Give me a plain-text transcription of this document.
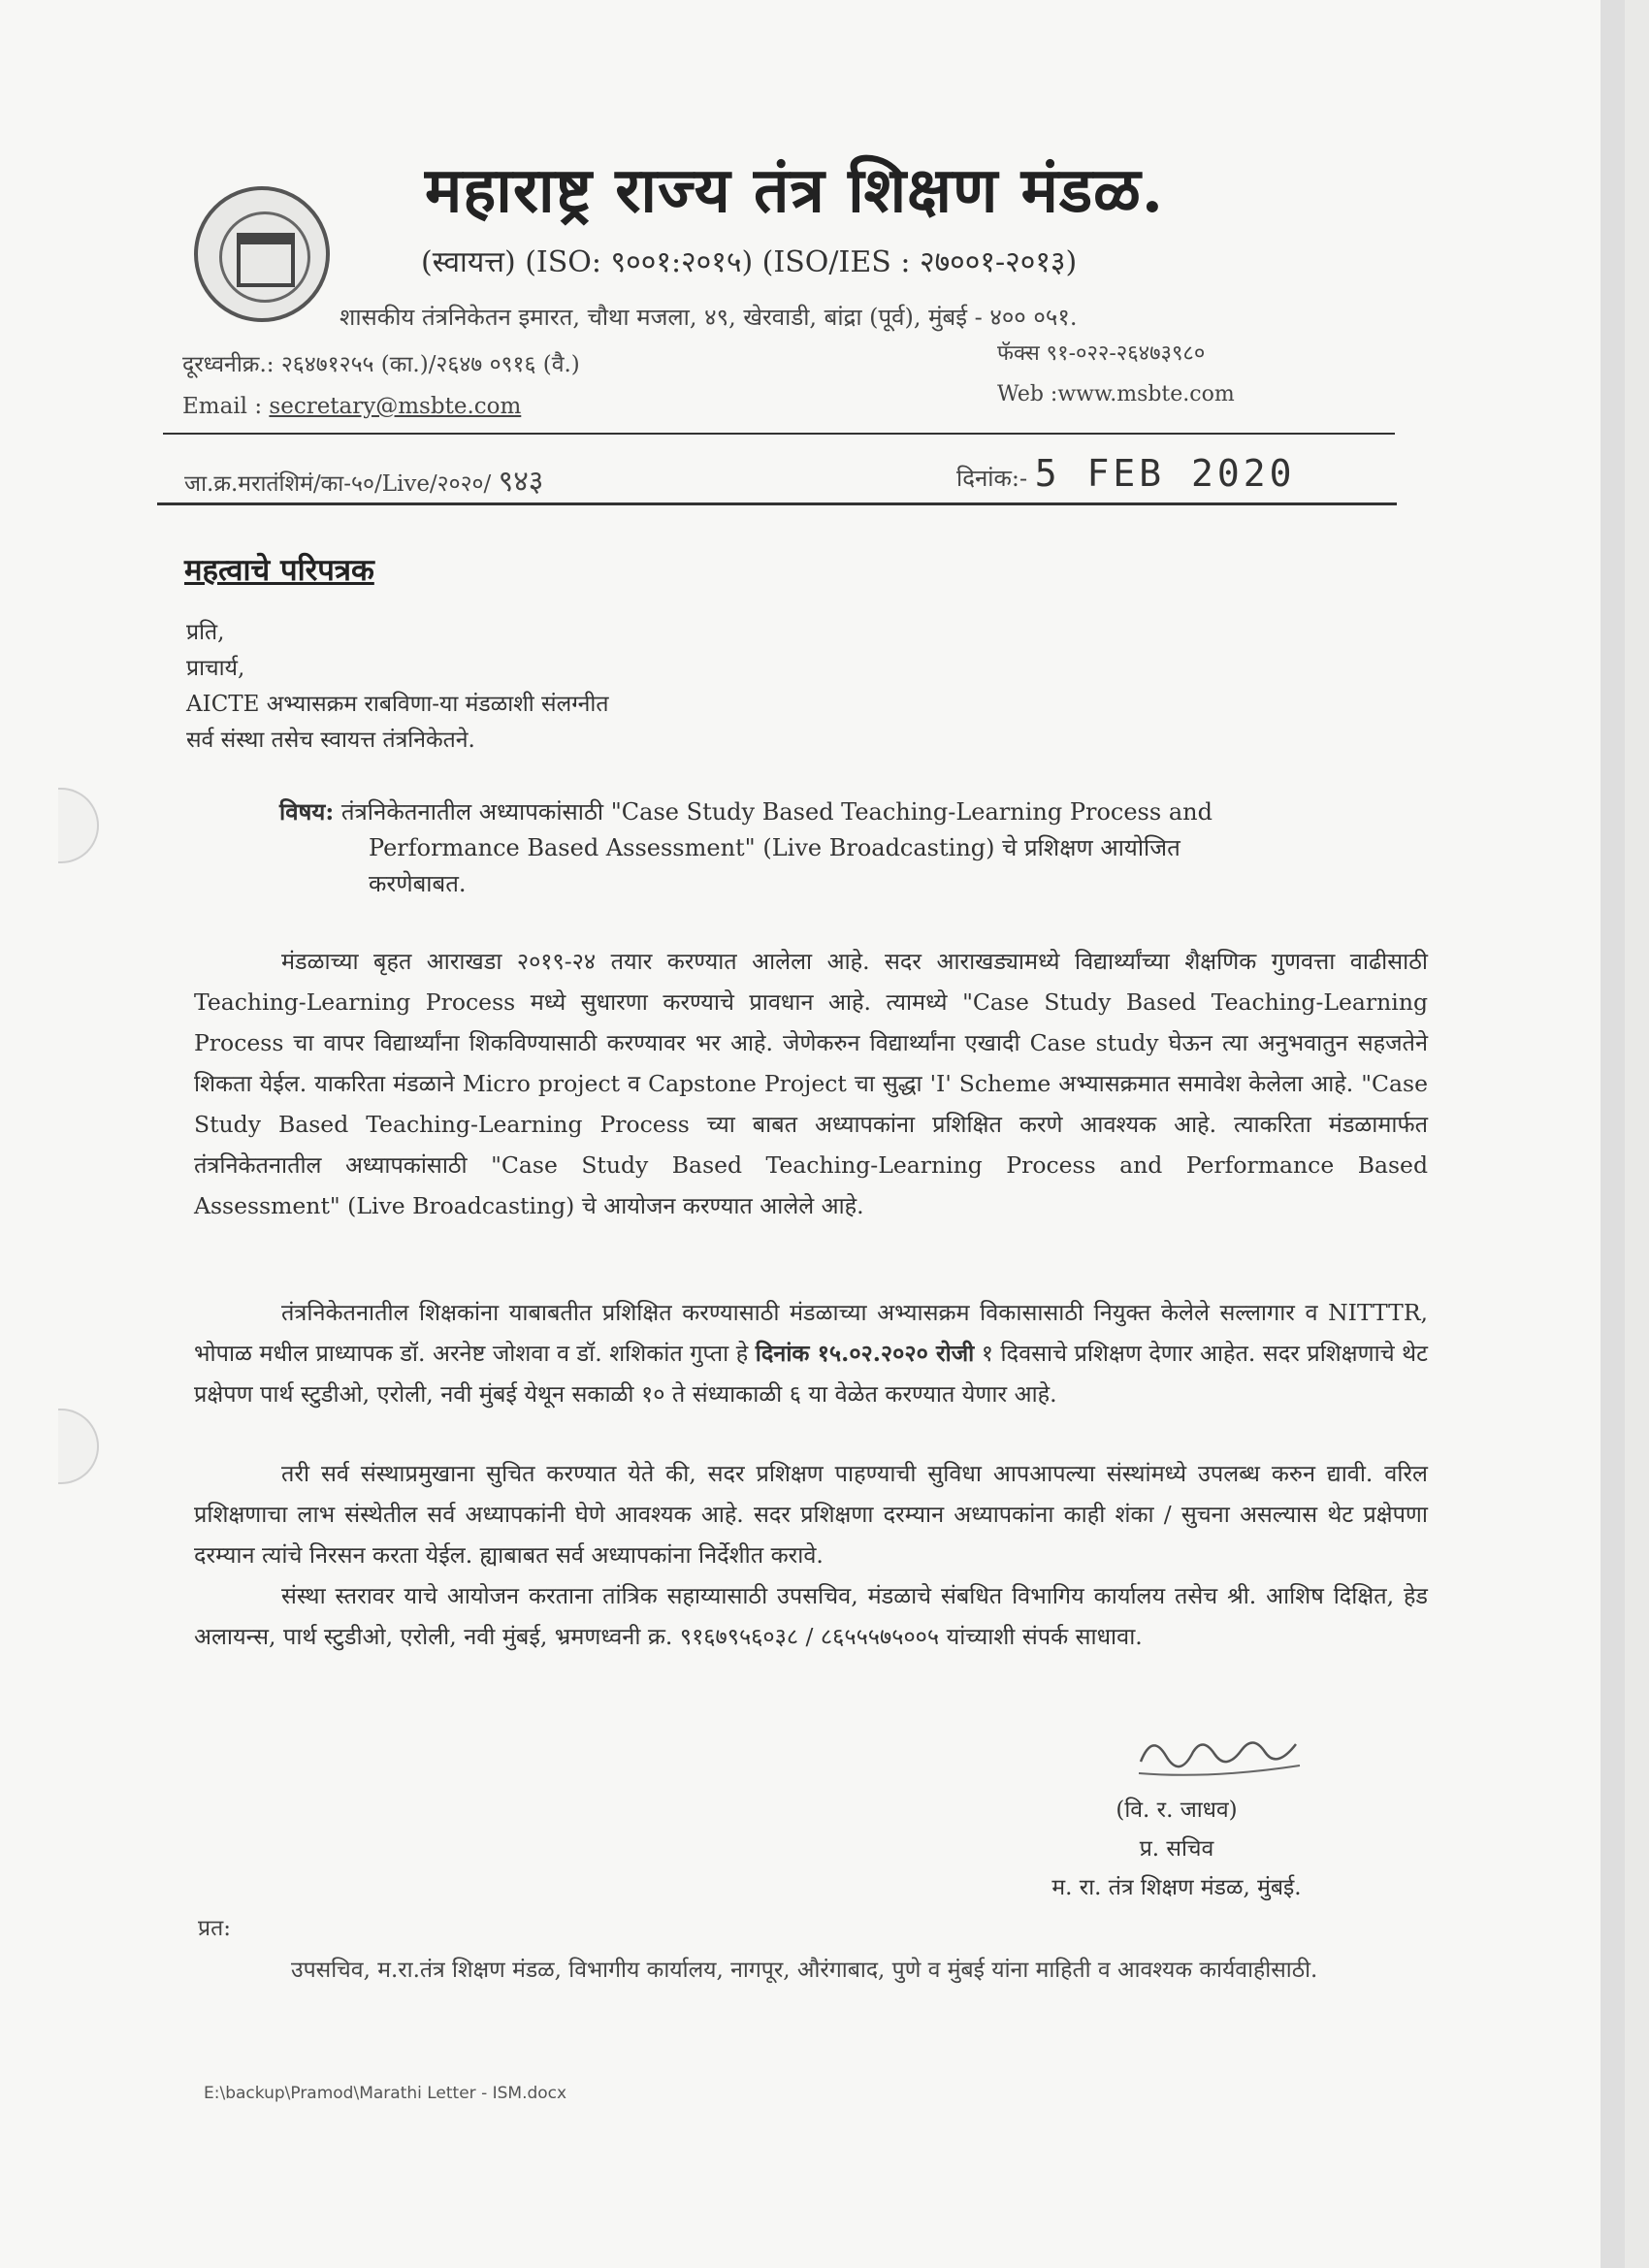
महाराष्ट्र राज्य तंत्र शिक्षण मंडळ.
(स्वायत्त) (ISO: ९००१:२०१५) (ISO/IES : २७००१-२०१३)
शासकीय तंत्रनिकेतन इमारत, चौथा मजला, ४९, खेरवाडी, बांद्रा (पूर्व), मुंबई - ४०० ०५१.
दूरध्वनीक्र.: २६४७१२५५ (का.)/२६४७ ०९१६ (वै.)
Email : secretary@msbte.com
फॅक्स ९१-०२२-२६४७३९८०
Web :www.msbte.com
जा.क्र.मरातंशिमं/का-५०/Live/२०२०/ ९४३	दिनांक:- 5 FEB 2020
महत्वाचे परिपत्रक
प्रति,
प्राचार्य,
AICTE अभ्यासक्रम राबविणा-या मंडळाशी संलग्नीत
सर्व संस्था तसेच स्वायत्त तंत्रनिकेतने.
विषय: तंत्रनिकेतनातील अध्यापकांसाठी "Case Study Based Teaching-Learning Process and
Performance Based Assessment" (Live Broadcasting) चे प्रशिक्षण आयोजित
करणेबाबत.
मंडळाच्या बृहत आराखडा २०१९-२४ तयार करण्यात आलेला आहे. सदर आराखड्यामध्ये विद्यार्थ्यांच्या शैक्षणिक गुणवत्ता वाढीसाठी Teaching-Learning Process मध्ये सुधारणा करण्याचे प्रावधान आहे. त्यामध्ये "Case Study Based Teaching-Learning Process चा वापर विद्यार्थ्यांना शिकविण्यासाठी करण्यावर भर आहे. जेणेकरुन विद्यार्थ्यांना एखादी Case study घेऊन त्या अनुभवातुन सहजतेने शिकता येईल. याकरिता मंडळाने Micro project व Capstone Project चा सुद्धा 'I' Scheme अभ्यासक्रमात समावेश केलेला आहे. "Case Study Based Teaching-Learning Process च्या बाबत अध्यापकांना प्रशिक्षित करणे आवश्यक आहे. त्याकरिता मंडळामार्फत तंत्रनिकेतनातील अध्यापकांसाठी "Case Study Based Teaching-Learning Process and Performance Based Assessment" (Live Broadcasting) चे आयोजन करण्यात आलेले आहे.
तंत्रनिकेतनातील शिक्षकांना याबाबतीत प्रशिक्षित करण्यासाठी मंडळाच्या अभ्यासक्रम विकासासाठी नियुक्त केलेले सल्लागार व NITTTR, भोपाळ मधील प्राध्यापक डॉ. अरनेष्ट जोशवा व डॉ. शशिकांत गुप्ता हे दिनांक १५.०२.२०२० रोजी १ दिवसाचे प्रशिक्षण देणार आहेत. सदर प्रशिक्षणाचे थेट प्रक्षेपण पार्थ स्टुडीओ, एरोली, नवी मुंबई येथून सकाळी १० ते संध्याकाळी ६ या वेळेत करण्यात येणार आहे.
तरी सर्व संस्थाप्रमुखाना सुचित करण्यात येते की, सदर प्रशिक्षण पाहण्याची सुविधा आपआपल्या संस्थांमध्ये उपलब्ध करुन द्यावी. वरिल प्रशिक्षणाचा लाभ संस्थेतील सर्व अध्यापकांनी घेणे आवश्यक आहे. सदर प्रशिक्षणा दरम्यान अध्यापकांना काही शंका / सुचना असल्यास थेट प्रक्षेपणा दरम्यान त्यांचे निरसन करता येईल. ह्याबाबत सर्व अध्यापकांना निर्देशीत करावे.
संस्था स्तरावर याचे आयोजन करताना तांत्रिक सहाय्यासाठी उपसचिव, मंडळाचे संबधित विभागिय कार्यालय तसेच श्री. आशिष दिक्षित, हेड अलायन्स, पार्थ स्टुडीओ, एरोली, नवी मुंबई, भ्रमणध्वनी क्र. ९१६७९५६०३८ / ८६५५५७५००५ यांच्याशी संपर्क साधावा.
(वि. र. जाधव)
प्र. सचिव
म. रा. तंत्र शिक्षण मंडळ, मुंबई.
प्रत:
उपसचिव, म.रा.तंत्र शिक्षण मंडळ, विभागीय कार्यालय, नागपूर, औरंगाबाद, पुणे व मुंबई यांना माहिती व आवश्यक कार्यवाहीसाठी.
E:\backup\Pramod\Marathi Letter - ISM.docx
